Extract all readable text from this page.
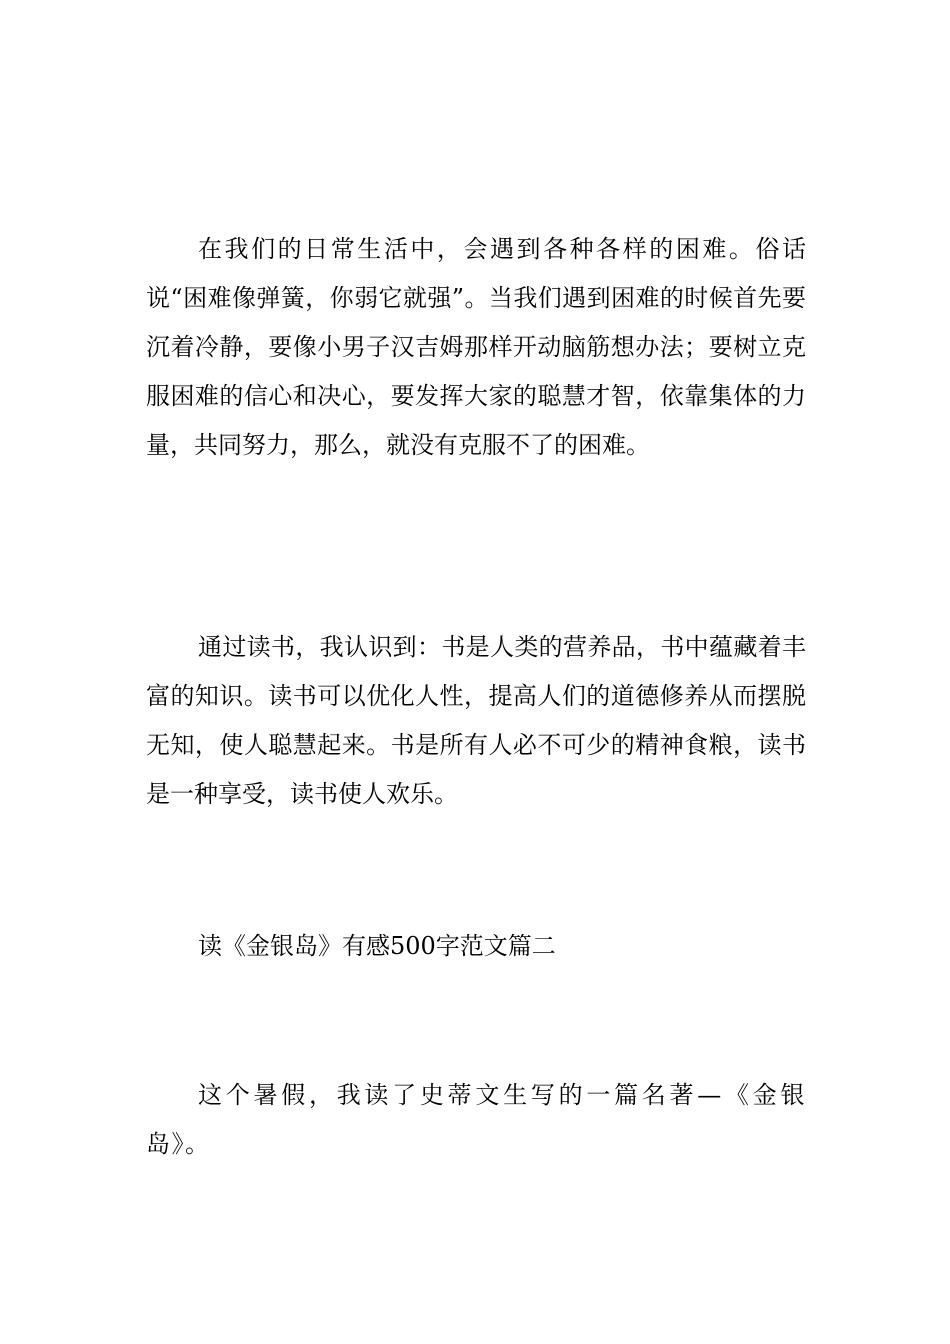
在我们的日常生活中，会遇到各种各样的困难。俗话说“困难像弹簧，你弱它就强”。当我们遇到困难的时候首先要沉着冷静，要像小男子汉吉姆那样开动脑筋想办法；要树立克服困难的信心和决心，要发挥大家的聪慧才智，依靠集体的力量，共同努力，那么，就没有克服不了的困难。

通过读书，我认识到：书是人类的营养品，书中蕴藏着丰富的知识。读书可以优化人性，提高人们的道德修养从而摆脱无知，使人聪慧起来。书是所有人必不可少的精神食粮，读书是一种享受，读书使人欢乐。

读《金银岛》有感500字范文篇二

这个暑假，我读了史蒂文生写的一篇名著—《金银岛》。
